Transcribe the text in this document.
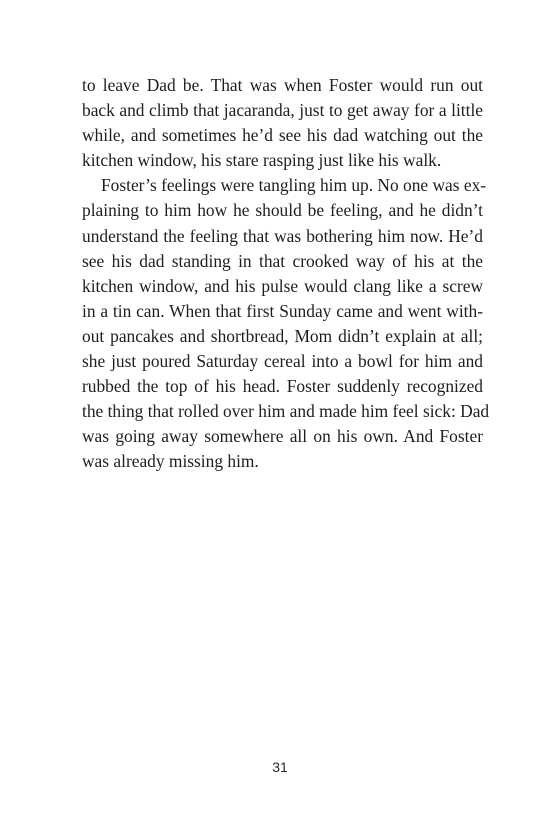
to leave Dad be. That was when Foster would run out
back and climb that jacaranda, just to get away for a little
while, and sometimes he’d see his dad watching out the
kitchen window, his stare rasping just like his walk.

Foster’s feelings were tangling him up. No one was ex-
plaining to him how he should be feeling, and he didn’t
understand the feeling that was bothering him now. He’d
see his dad standing in that crooked way of his at the
kitchen window, and his pulse would clang like a screw
in a tin can. When that first Sunday came and went with-
out pancakes and shortbread, Mom didn’t explain at all;
she just poured Saturday cereal into a bowl for him and
rubbed the top of his head. Foster suddenly recognized
the thing that rolled over him and made him feel sick: Dad
was going away somewhere all on his own. And Foster
was already missing him.

31
